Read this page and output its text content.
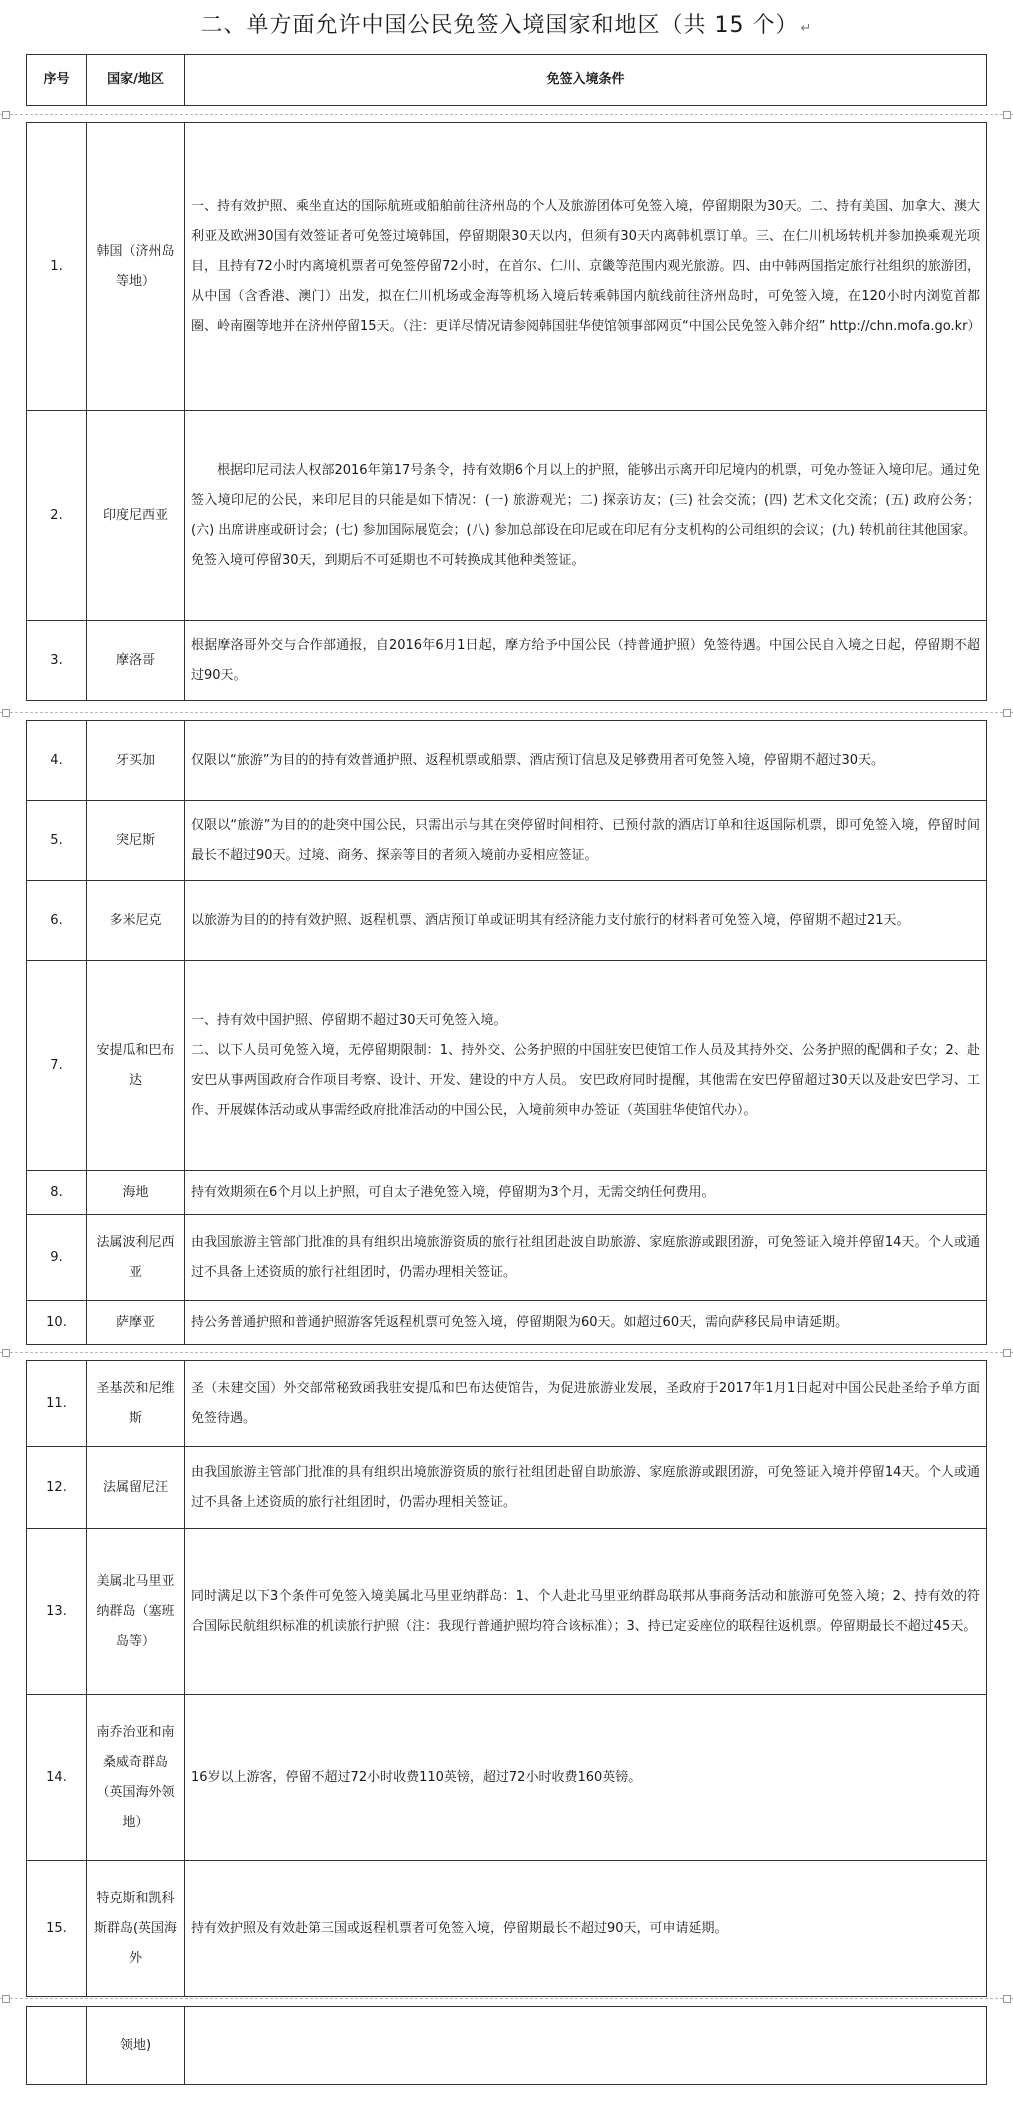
二、单方面允许中国公民免签入境国家和地区（共 15 个） ↵
序号	国家/地区	免签入境条件
1.	韩国（济州岛等地）	一、持有效护照、乘坐直达的国际航班或船舶前往济州岛的个人及旅游团体可免签入境，停留期限为30天。二、持有美国、加拿大、澳大利亚及欧洲30国有效签证者可免签过境韩国，停留期限30天以内，但须有30天内离韩机票订单。三、在仁川机场转机并参加换乘观光项目，且持有72小时内离境机票者可免签停留72小时，在首尔、仁川、京畿等范围内观光旅游。四、由中韩两国指定旅行社组织的旅游团，从中国（含香港、澳门）出发，拟在仁川机场或金海等机场入境后转乘韩国内航线前往济州岛时，可免签入境，在120小时内浏览首都圈、岭南圈等地并在济州停留15天。（注：更详尽情况请参阅韩国驻华使馆领事部网页“中国公民免签入韩介绍” http://chn.mofa.go.kr）

2.	印度尼西亚	根据印尼司法人权部2016年第17号条令，持有效期6个月以上的护照，能够出示离开印尼境内的机票，可免办签证入境印尼。通过免签入境印尼的公民，来印尼目的只能是如下情况：(一) 旅游观光；二) 探亲访友；(三) 社会交流；(四) 艺术文化交流；(五) 政府公务；(六) 出席讲座或研讨会；(七) 参加国际展览会；(八) 参加总部设在印尼或在印尼有分支机构的公司组织的会议；(九) 转机前往其他国家。
免签入境可停留30天，到期后不可延期也不可转换成其他种类签证。

3.	摩洛哥	根据摩洛哥外交与合作部通报，自2016年6月1日起，摩方给予中国公民（持普通护照）免签待遇。中国公民自入境之日起，停留期不超过90天。
4.	牙买加	仅限以“旅游”为目的的持有效普通护照、返程机票或船票、酒店预订信息及足够费用者可免签入境，停留期不超过30天。

5.	突尼斯	仅限以“旅游”为目的的赴突中国公民，只需出示与其在突停留时间相符、已预付款的酒店订单和往返国际机票，即可免签入境，停留时间最长不超过90天。过境、商务、探亲等目的者须入境前办妥相应签证。

6.	多米尼克	以旅游为目的的持有效护照、返程机票、酒店预订单或证明其有经济能力支付旅行的材料者可免签入境，停留期不超过21天。

7.	安提瓜和巴布达	一、持有效中国护照、停留期不超过30天可免签入境。
二、以下人员可免签入境，无停留期限制：1、持外交、公务护照的中国驻安巴使馆工作人员及其持外交、公务护照的配偶和子女；2、赴安巴从事两国政府合作项目考察、设计、开发、建设的中方人员。 安巴政府同时提醒，其他需在安巴停留超过30天以及赴安巴学习、工作、开展媒体活动或从事需经政府批准活动的中国公民，入境前须申办签证（英国驻华使馆代办）。

8.	海地	持有效期须在6个月以上护照，可自太子港免签入境，停留期为3个月，无需交纳任何费用。

9.	法属波利尼西亚	由我国旅游主管部门批准的具有组织出境旅游资质的旅行社组团赴波自助旅游、家庭旅游或跟团游，可免签证入境并停留14天。个人或通过不具备上述资质的旅行社组团时，仍需办理相关签证。

10.	萨摩亚	持公务普通护照和普通护照游客凭返程机票可免签入境，停留期限为60天。如超过60天，需向萨移民局申请延期。
11.	圣基茨和尼维斯	圣（未建交国）外交部常秘致函我驻安提瓜和巴布达使馆告，为促进旅游业发展，圣政府于2017年1月1日起对中国公民赴圣给予单方面免签待遇。

12.	法属留尼汪	由我国旅游主管部门批准的具有组织出境旅游资质的旅行社组团赴留自助旅游、家庭旅游或跟团游，可免签证入境并停留14天。个人或通过不具备上述资质的旅行社组团时，仍需办理相关签证。

13.	美属北马里亚纳群岛（塞班岛等）	同时满足以下3个条件可免签入境美属北马里亚纳群岛：1、个人赴北马里亚纳群岛联邦从事商务活动和旅游可免签入境；2、持有效的符合国际民航组织标准的机读旅行护照（注：我现行普通护照均符合该标准）；3、持已定妥座位的联程往返机票。停留期最长不超过45天。

14.	南乔治亚和南桑威奇群岛（英国海外领地）	16岁以上游客，停留不超过72小时收费110英镑，超过72小时收费160英镑。

15.	特克斯和凯科斯群岛(英国海外	持有效护照及有效赴第三国或返程机票者可免签入境，停留期最长不超过90天，可申请延期。
	领地)	
